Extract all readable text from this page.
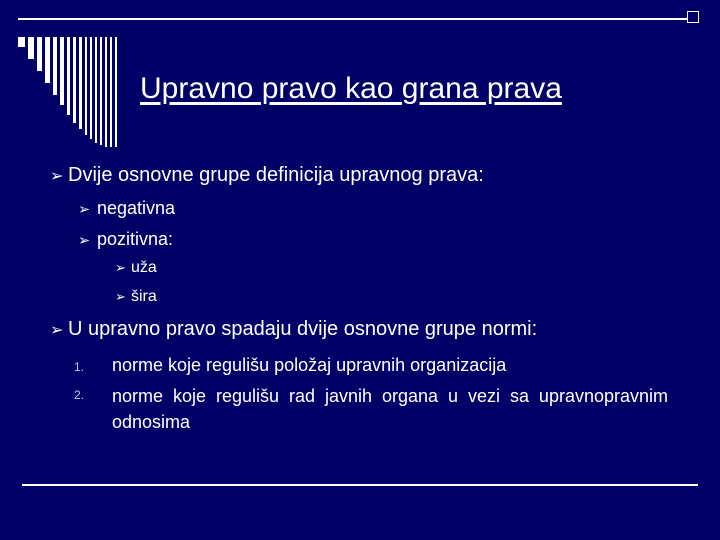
Upravno pravo kao grana prava
➢ Dvije osnovne grupe definicija upravnog prava:
➢ negativna
➢ pozitivna:
➢ uža
➢ šira
➢ U upravno pravo spadaju dvije osnovne grupe normi:
1.	norme koje regulišu položaj upravnih organizacija
2. norme koje regulišu rad javnih organa u vezi sa upravnopravnim odnosima
